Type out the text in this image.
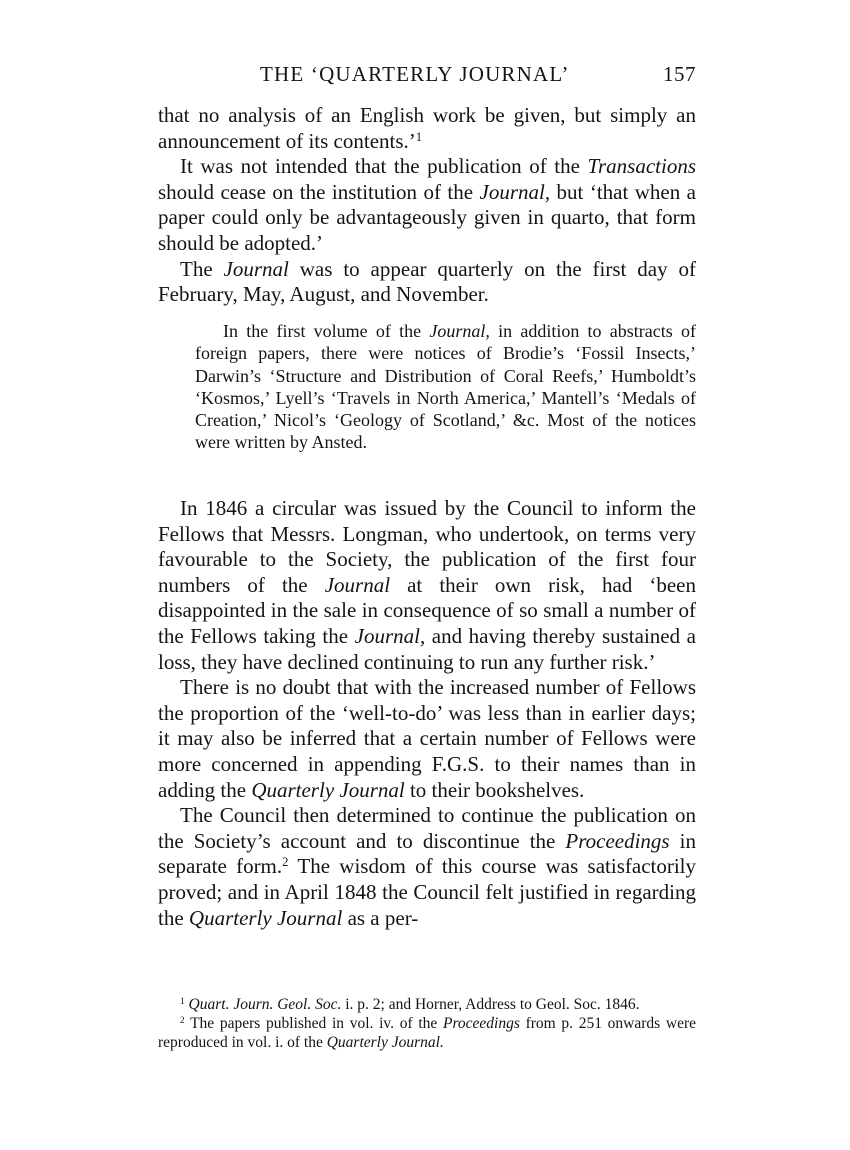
THE ‘QUARTERLY JOURNAL’	157

that no analysis of an English work be given, but simply an announcement of its contents.’$^1$

It was not intended that the publication of the Transactions should cease on the institution of the Journal, but ‘that when a paper could only be advantageously given in quarto, that form should be adopted.’

The Journal was to appear quarterly on the first day of February, May, August, and November.

In the first volume of the Journal, in addition to abstracts of foreign papers, there were notices of Brodie’s ‘Fossil Insects,’ Darwin’s ‘Structure and Distribution of Coral Reefs,’ Humboldt’s ‘Kosmos,’ Lyell’s ‘Travels in North America,’ Mantell’s ‘Medals of Creation,’ Nicol’s ‘Geology of Scotland,’ &c. Most of the notices were written by Ansted.

In 1846 a circular was issued by the Council to inform the Fellows that Messrs. Longman, who undertook, on terms very favourable to the Society, the publication of the first four numbers of the Journal at their own risk, had ‘been disappointed in the sale in consequence of so small a number of the Fellows taking the Journal, and having thereby sustained a loss, they have declined continuing to run any further risk.’

There is no doubt that with the increased number of Fellows the proportion of the ‘well-to-do’ was less than in earlier days; it may also be inferred that a certain number of Fellows were more concerned in appending F.G.S. to their names than in adding the Quarterly Journal to their bookshelves.

The Council then determined to continue the publication on the Society’s account and to discontinue the Proceedings in separate form.$^2$ The wisdom of this course was satisfactorily proved; and in April 1848 the Council felt justified in regarding the Quarterly Journal as a per-

$^1$ Quart. Journ. Geol. Soc. i. p. 2; and Horner, Address to Geol. Soc. 1846.

$^2$ The papers published in vol. iv. of the Proceedings from p. 251 onwards were reproduced in vol. i. of the Quarterly Journal.
